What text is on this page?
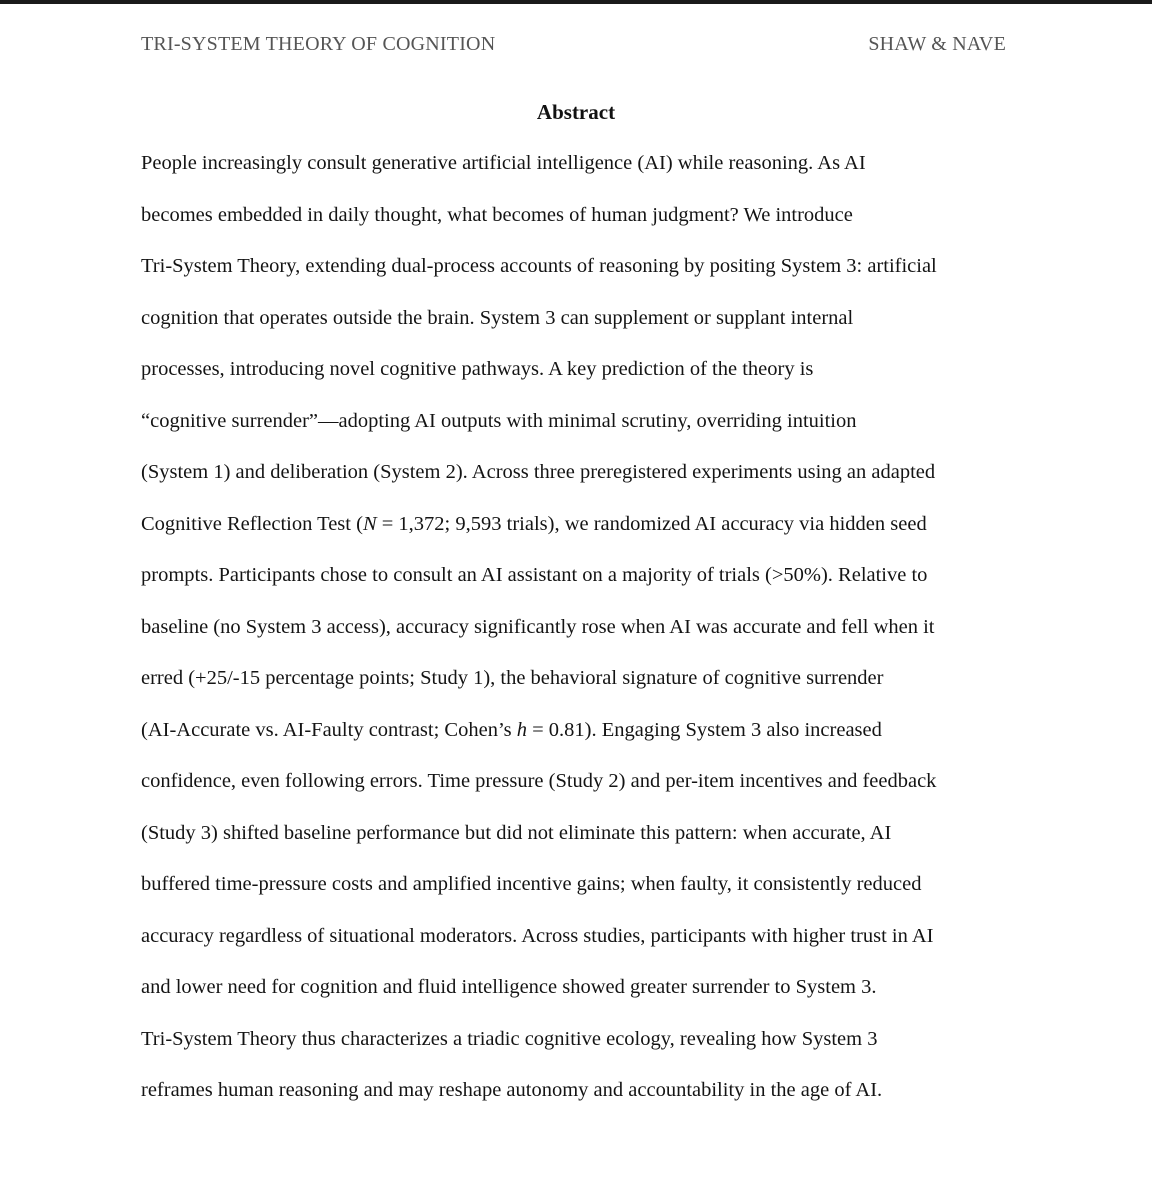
TRI-SYSTEM THEORY OF COGNITION	SHAW & NAVE
Abstract
People increasingly consult generative artificial intelligence (AI) while reasoning. As AI
becomes embedded in daily thought, what becomes of human judgment? We introduce
Tri-System Theory, extending dual-process accounts of reasoning by positing System 3: artificial
cognition that operates outside the brain. System 3 can supplement or supplant internal
processes, introducing novel cognitive pathways. A key prediction of the theory is
“cognitive surrender”—adopting AI outputs with minimal scrutiny, overriding intuition
(System 1) and deliberation (System 2). Across three preregistered experiments using an adapted
Cognitive Reflection Test (N = 1,372; 9,593 trials), we randomized AI accuracy via hidden seed
prompts. Participants chose to consult an AI assistant on a majority of trials (>50%). Relative to
baseline (no System 3 access), accuracy significantly rose when AI was accurate and fell when it
erred (+25/-15 percentage points; Study 1), the behavioral signature of cognitive surrender
(AI-Accurate vs. AI-Faulty contrast; Cohen’s h = 0.81). Engaging System 3 also increased
confidence, even following errors. Time pressure (Study 2) and per-item incentives and feedback
(Study 3) shifted baseline performance but did not eliminate this pattern: when accurate, AI
buffered time-pressure costs and amplified incentive gains; when faulty, it consistently reduced
accuracy regardless of situational moderators. Across studies, participants with higher trust in AI
and lower need for cognition and fluid intelligence showed greater surrender to System 3.
Tri-System Theory thus characterizes a triadic cognitive ecology, revealing how System 3
reframes human reasoning and may reshape autonomy and accountability in the age of AI.
